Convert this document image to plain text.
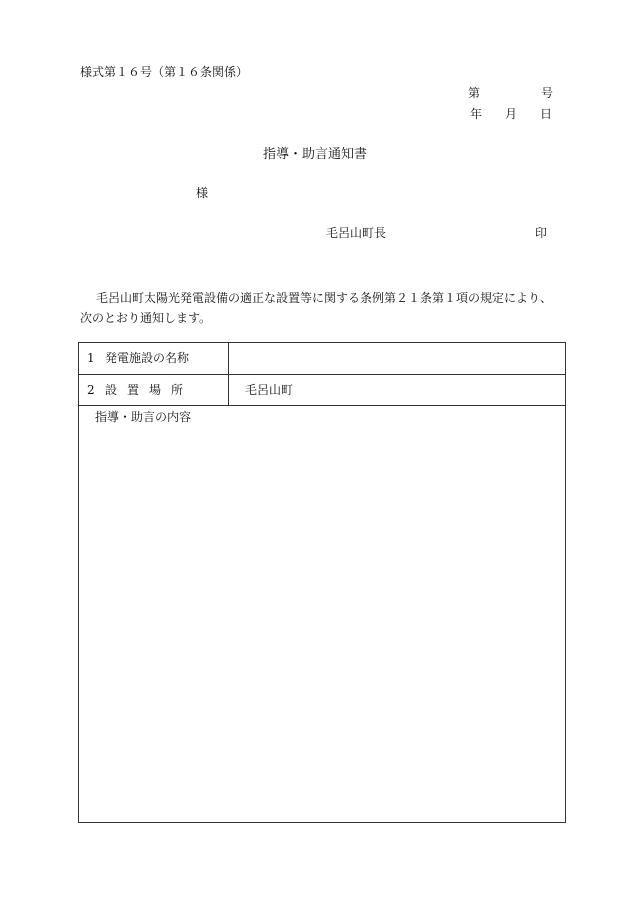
様式第１６号（第１６条関係）
第	号
年 月 日
指導・助言通知書
様
毛呂山町長	印
毛呂山町太陽光発電設備の適正な設置等に関する条例第２１条第１項の規定により、次のとおり通知します。
1 発電施設の名称
2 設置場所	毛呂山町
指導・助言の内容
